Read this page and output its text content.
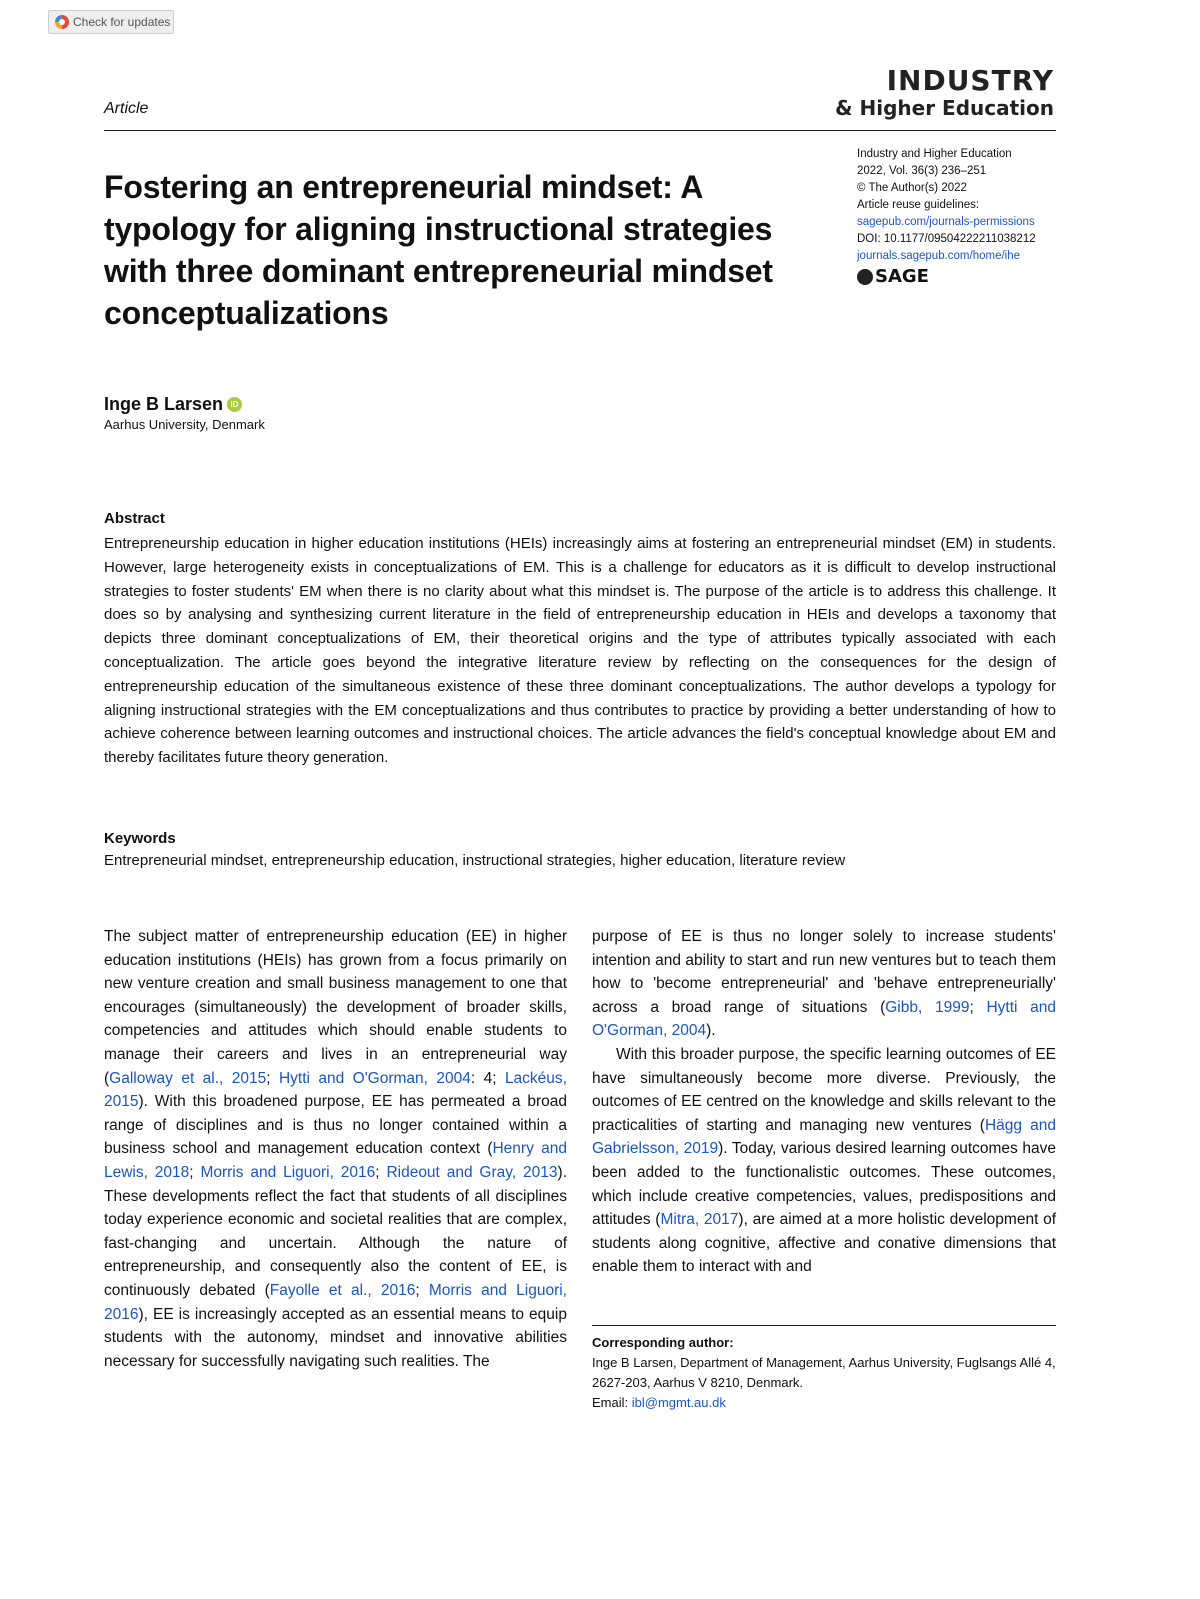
Check for updates
Article
INDUSTRY
& Higher Education
Fostering an entrepreneurial mindset: A typology for aligning instructional strategies with three dominant entrepreneurial mindset conceptualizations
Industry and Higher Education
2022, Vol. 36(3) 236–251
© The Author(s) 2022
Article reuse guidelines:
sagepub.com/journals-permissions
DOI: 10.1177/09504222211038212
journals.sagepub.com/home/ihe
SAGE
Inge B Larsen iD
Aarhus University, Denmark
Abstract
Entrepreneurship education in higher education institutions (HEIs) increasingly aims at fostering an entrepreneurial mindset (EM) in students. However, large heterogeneity exists in conceptualizations of EM. This is a challenge for educators as it is difficult to develop instructional strategies to foster students' EM when there is no clarity about what this mindset is. The purpose of the article is to address this challenge. It does so by analysing and synthesizing current literature in the field of entrepreneurship education in HEIs and develops a taxonomy that depicts three dominant conceptualizations of EM, their theoretical origins and the type of attributes typically associated with each conceptualization. The article goes beyond the integrative literature review by reflecting on the consequences for the design of entrepreneurship education of the simultaneous existence of these three dominant conceptualizations. The author develops a typology for aligning instructional strategies with the EM conceptualizations and thus contributes to practice by providing a better understanding of how to achieve coherence between learning outcomes and instructional choices. The article advances the field's conceptual knowledge about EM and thereby facilitates future theory generation.
Keywords
Entrepreneurial mindset, entrepreneurship education, instructional strategies, higher education, literature review

The subject matter of entrepreneurship education (EE) in higher education institutions (HEIs) has grown from a focus primarily on new venture creation and small business management to one that encourages (simultaneously) the development of broader skills, competencies and attitudes which should enable students to manage their careers and lives in an entrepreneurial way (Galloway et al., 2015; Hytti and O'Gorman, 2004: 4; Lackéus, 2015). With this broadened purpose, EE has permeated a broad range of disciplines and is thus no longer contained within a business school and management education context (Henry and Lewis, 2018; Morris and Liguori, 2016; Rideout and Gray, 2013). These developments reflect the fact that students of all disciplines today experience economic and societal realities that are complex, fast-changing and uncertain. Although the nature of entrepreneurship, and consequently also the content of EE, is continuously debated (Fayolle et al., 2016; Morris and Liguori, 2016), EE is increasingly accepted as an essential means to equip students with the autonomy, mindset and innovative abilities necessary for successfully navigating such realities. The

purpose of EE is thus no longer solely to increase students' intention and ability to start and run new ventures but to teach them how to 'become entrepreneurial' and 'behave entrepreneurially' across a broad range of situations (Gibb, 1999; Hytti and O'Gorman, 2004).

With this broader purpose, the specific learning outcomes of EE have simultaneously become more diverse. Previously, the outcomes of EE centred on the knowledge and skills relevant to the practicalities of starting and managing new ventures (Hägg and Gabrielsson, 2019). Today, various desired learning outcomes have been added to the functionalistic outcomes. These outcomes, which include creative competencies, values, predispositions and attitudes (Mitra, 2017), are aimed at a more holistic development of students along cognitive, affective and conative dimensions that enable them to interact with and

Corresponding author:
Inge B Larsen, Department of Management, Aarhus University, Fuglsangs Allé 4, 2627-203, Aarhus V 8210, Denmark.
Email: ibl@mgmt.au.dk
